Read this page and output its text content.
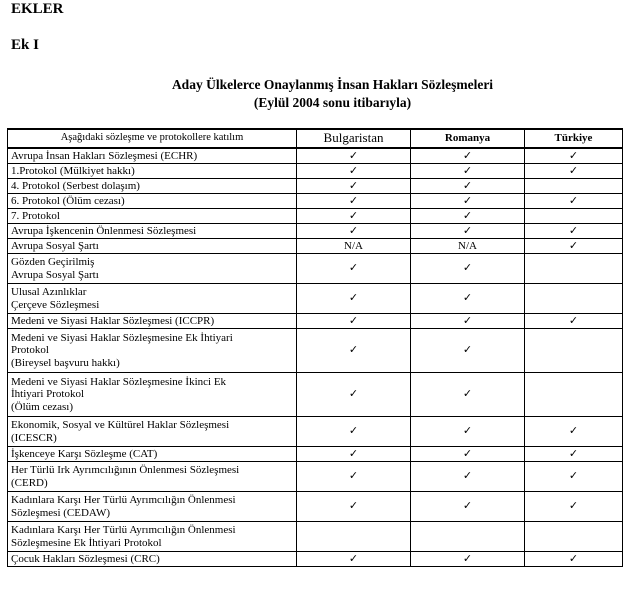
EKLER
Ek I
Aday Ülkelerce Onaylanmış İnsan Hakları Sözleşmeleri
(Eylül 2004 sonu itibarıyla)
Aşağıdaki sözleşme ve protokollere katılım	Bulgaristan	Romanya	Türkiye

Avrupa İnsan Hakları Sözleşmesi (ECHR)	✓	✓	✓

1.Protokol (Mülkiyet hakkı)	✓	✓	✓

4. Protokol (Serbest dolaşım)	✓	✓	

6. Protokol (Ölüm cezası)	✓	✓	✓

7. Protokol	✓	✓	

Avrupa İşkencenin Önlenmesi Sözleşmesi	✓	✓	✓

Avrupa Sosyal Şartı	N/A	N/A	✓

Gözden Geçirilmiş
Avrupa Sosyal Şartı	✓	✓	

Ulusal Azınlıklar
Çerçeve Sözleşmesi	✓	✓	

Medeni ve Siyasi Haklar Sözleşmesi (ICCPR)	✓	✓	✓

Medeni ve Siyasi Haklar Sözleşmesine Ek İhtiyari
Protokol
(Bireysel başvuru hakkı)	✓	✓	

Medeni ve Siyasi Haklar Sözleşmesine İkinci Ek
İhtiyari Protokol
(Ölüm cezası)	✓	✓	

Ekonomik, Sosyal ve Kültürel Haklar Sözleşmesi
(ICESCR)	✓	✓	✓

İşkenceye Karşı Sözleşme (CAT)	✓	✓	✓

Her Türlü Irk Ayrımcılığının Önlenmesi Sözleşmesi
(CERD)	✓	✓	✓

Kadınlara Karşı Her Türlü Ayrımcılığın Önlenmesi
Sözleşmesi (CEDAW)	✓	✓	✓

Kadınlara Karşı Her Türlü Ayrımcılığın Önlenmesi
Sözleşmesine Ek İhtiyari Protokol			

Çocuk Hakları Sözleşmesi (CRC)	✓	✓	✓
